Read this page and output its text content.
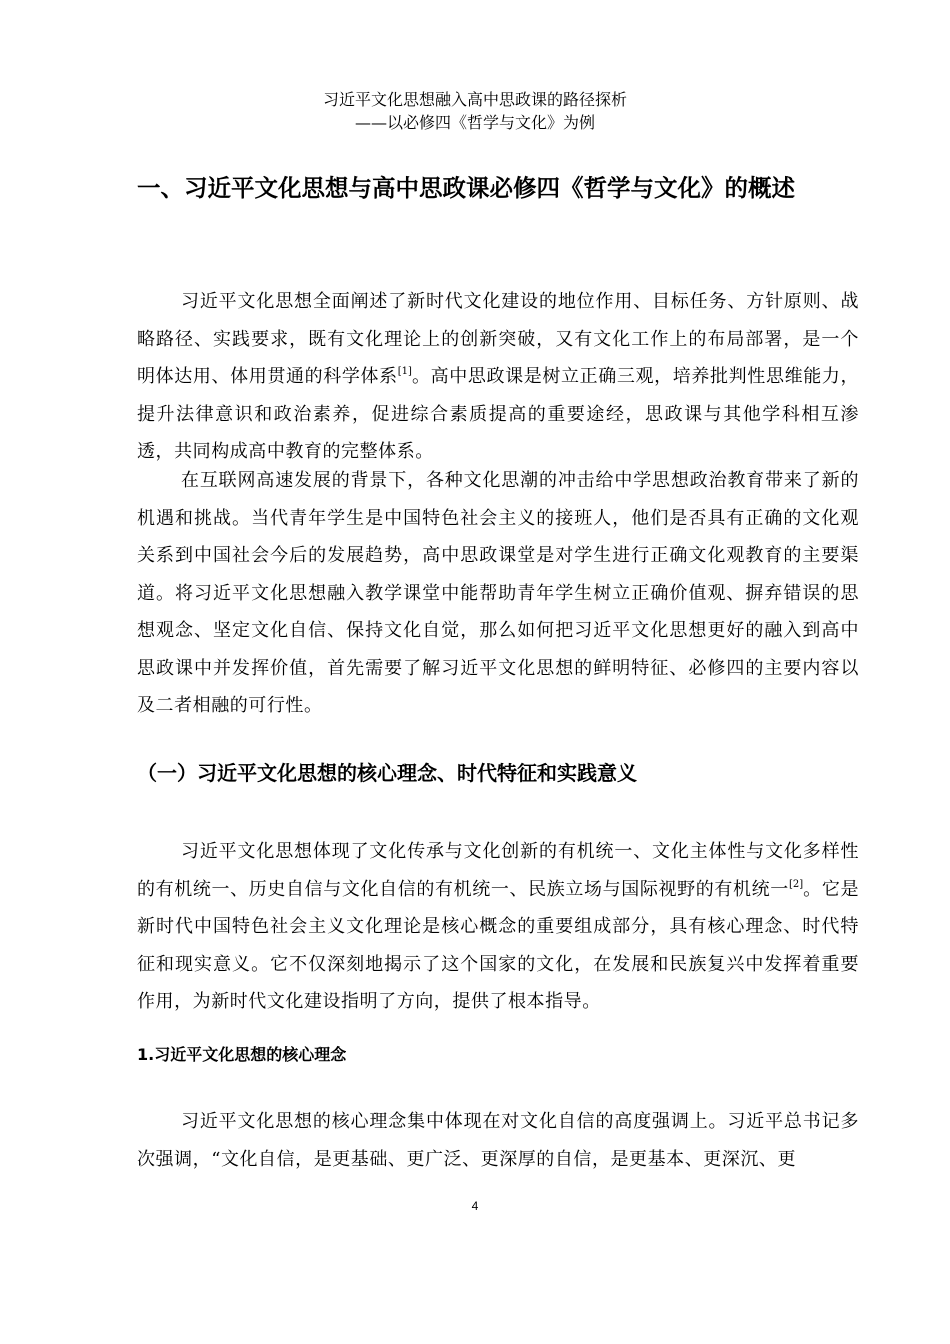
习近平文化思想融入高中思政课的路径探析
——以必修四《哲学与文化》为例
一、习近平文化思想与高中思政课必修四《哲学与文化》的概述

习近平文化思想全面阐述了新时代文化建设的地位作用、目标任务、方针原则、战略路径、实践要求，既有文化理论上的创新突破，又有文化工作上的布局部署，是一个明体达用、体用贯通的科学体系[1]。高中思政课是树立正确三观，培养批判性思维能力，提升法律意识和政治素养，促进综合素质提高的重要途经，思政课与其他学科相互渗透，共同构成高中教育的完整体系。

在互联网高速发展的背景下，各种文化思潮的冲击给中学思想政治教育带来了新的机遇和挑战。当代青年学生是中国特色社会主义的接班人，他们是否具有正确的文化观关系到中国社会今后的发展趋势，高中思政课堂是对学生进行正确文化观教育的主要渠道。将习近平文化思想融入教学课堂中能帮助青年学生树立正确价值观、摒弃错误的思想观念、坚定文化自信、保持文化自觉，那么如何把习近平文化思想更好的融入到高中思政课中并发挥价值，首先需要了解习近平文化思想的鲜明特征、必修四的主要内容以及二者相融的可行性。

（一）习近平文化思想的核心理念、时代特征和实践意义

习近平文化思想体现了文化传承与文化创新的有机统一、文化主体性与文化多样性的有机统一、历史自信与文化自信的有机统一、民族立场与国际视野的有机统一[2]。它是新时代中国特色社会主义文化理论是核心概念的重要组成部分，具有核心理念、时代特征和现实意义。它不仅深刻地揭示了这个国家的文化，在发展和民族复兴中发挥着重要作用，为新时代文化建设指明了方向，提供了根本指导。

1.习近平文化思想的核心理念

习近平文化思想的核心理念集中体现在对文化自信的高度强调上。习近平总书记多次强调，“文化自信，是更基础、更广泛、更深厚的自信，是更基本、更深沉、更

4
